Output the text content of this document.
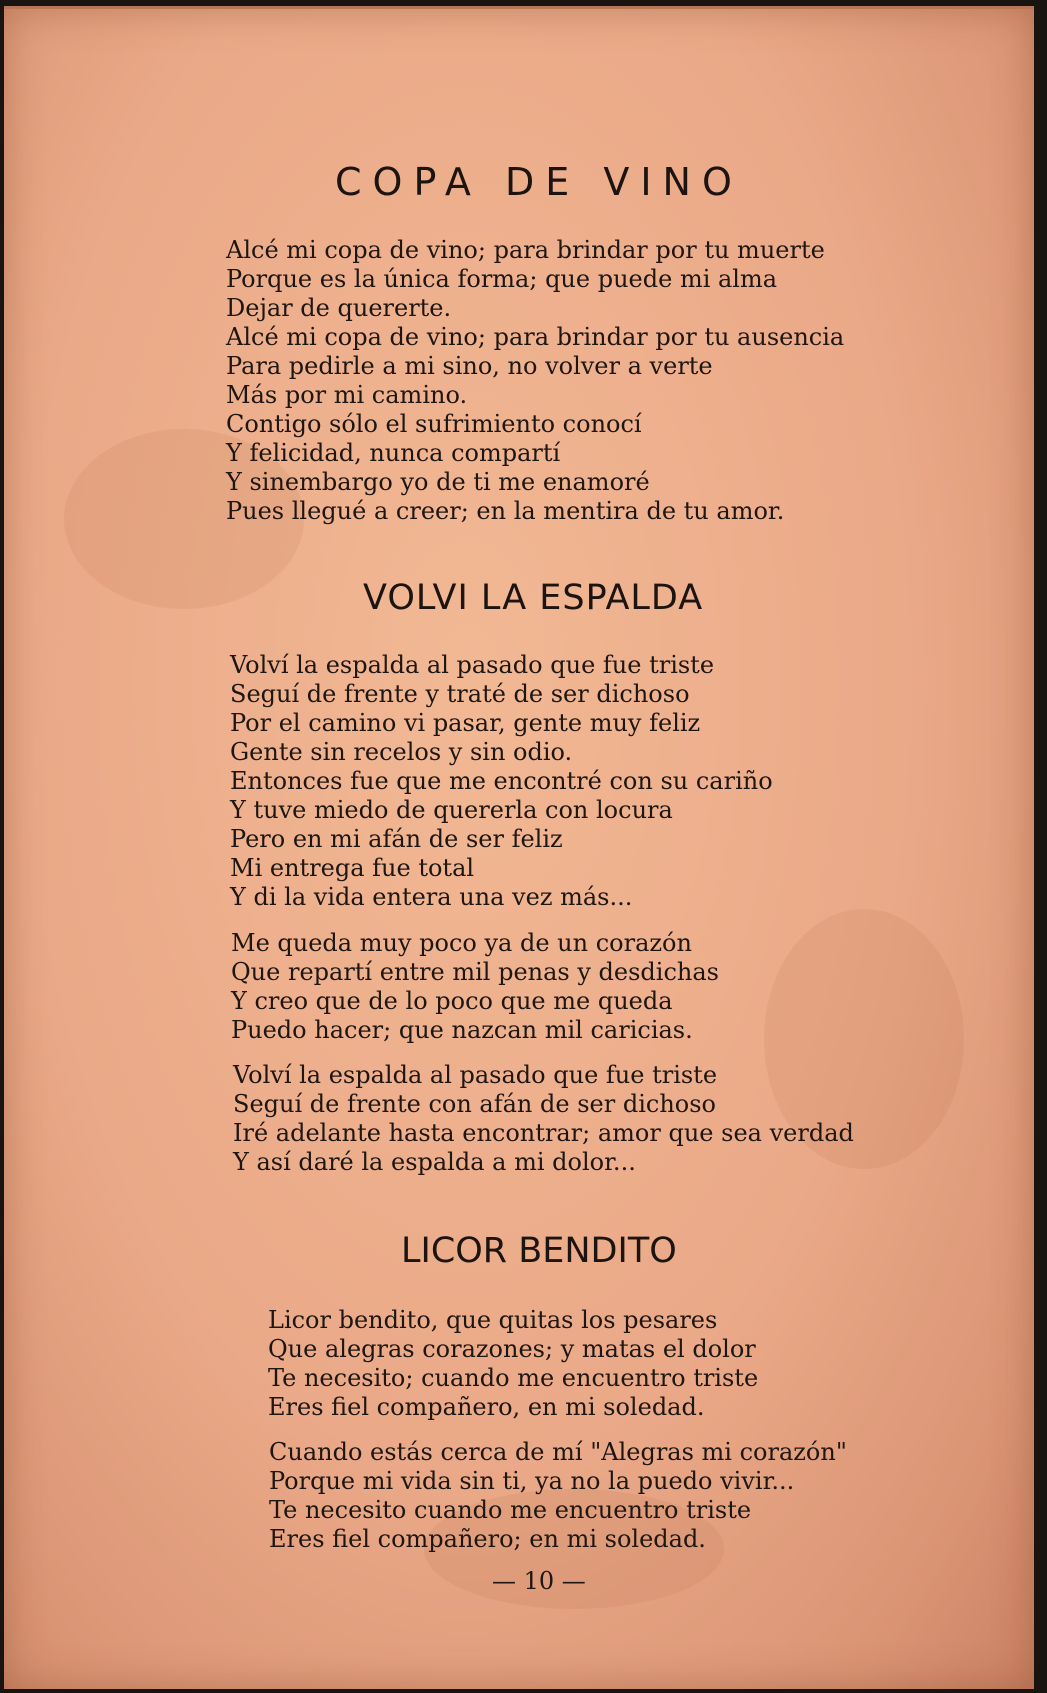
COPA DE VINO
Alcé mi copa de vino; para brindar por tu muerte
Porque es la única forma; que puede mi alma
Dejar de quererte.
Alcé mi copa de vino; para brindar por tu ausencia
Para pedirle a mi sino, no volver a verte
Más por mi camino.
Contigo sólo el sufrimiento conocí
Y felicidad, nunca compartí
Y sinembargo yo de ti me enamoré
Pues llegué a creer; en la mentira de tu amor.
VOLVI LA ESPALDA
Volví la espalda al pasado que fue triste
Seguí de frente y traté de ser dichoso
Por el camino vi pasar, gente muy feliz
Gente sin recelos y sin odio.
Entonces fue que me encontré con su cariño
Y tuve miedo de quererla con locura
Pero en mi afán de ser feliz
Mi entrega fue total
Y di la vida entera una vez más...
Me queda muy poco ya de un corazón
Que repartí entre mil penas y desdichas
Y creo que de lo poco que me queda
Puedo hacer; que nazcan mil caricias.
Volví la espalda al pasado que fue triste
Seguí de frente con afán de ser dichoso
Iré adelante hasta encontrar; amor que sea verdad
Y así daré la espalda a mi dolor...
LICOR BENDITO
Licor bendito, que quitas los pesares
Que alegras corazones; y matas el dolor
Te necesito; cuando me encuentro triste
Eres fiel compañero, en mi soledad.
Cuando estás cerca de mí "Alegras mi corazón"
Porque mi vida sin ti, ya no la puedo vivir...
Te necesito cuando me encuentro triste
Eres fiel compañero; en mi soledad.
— 10 —
